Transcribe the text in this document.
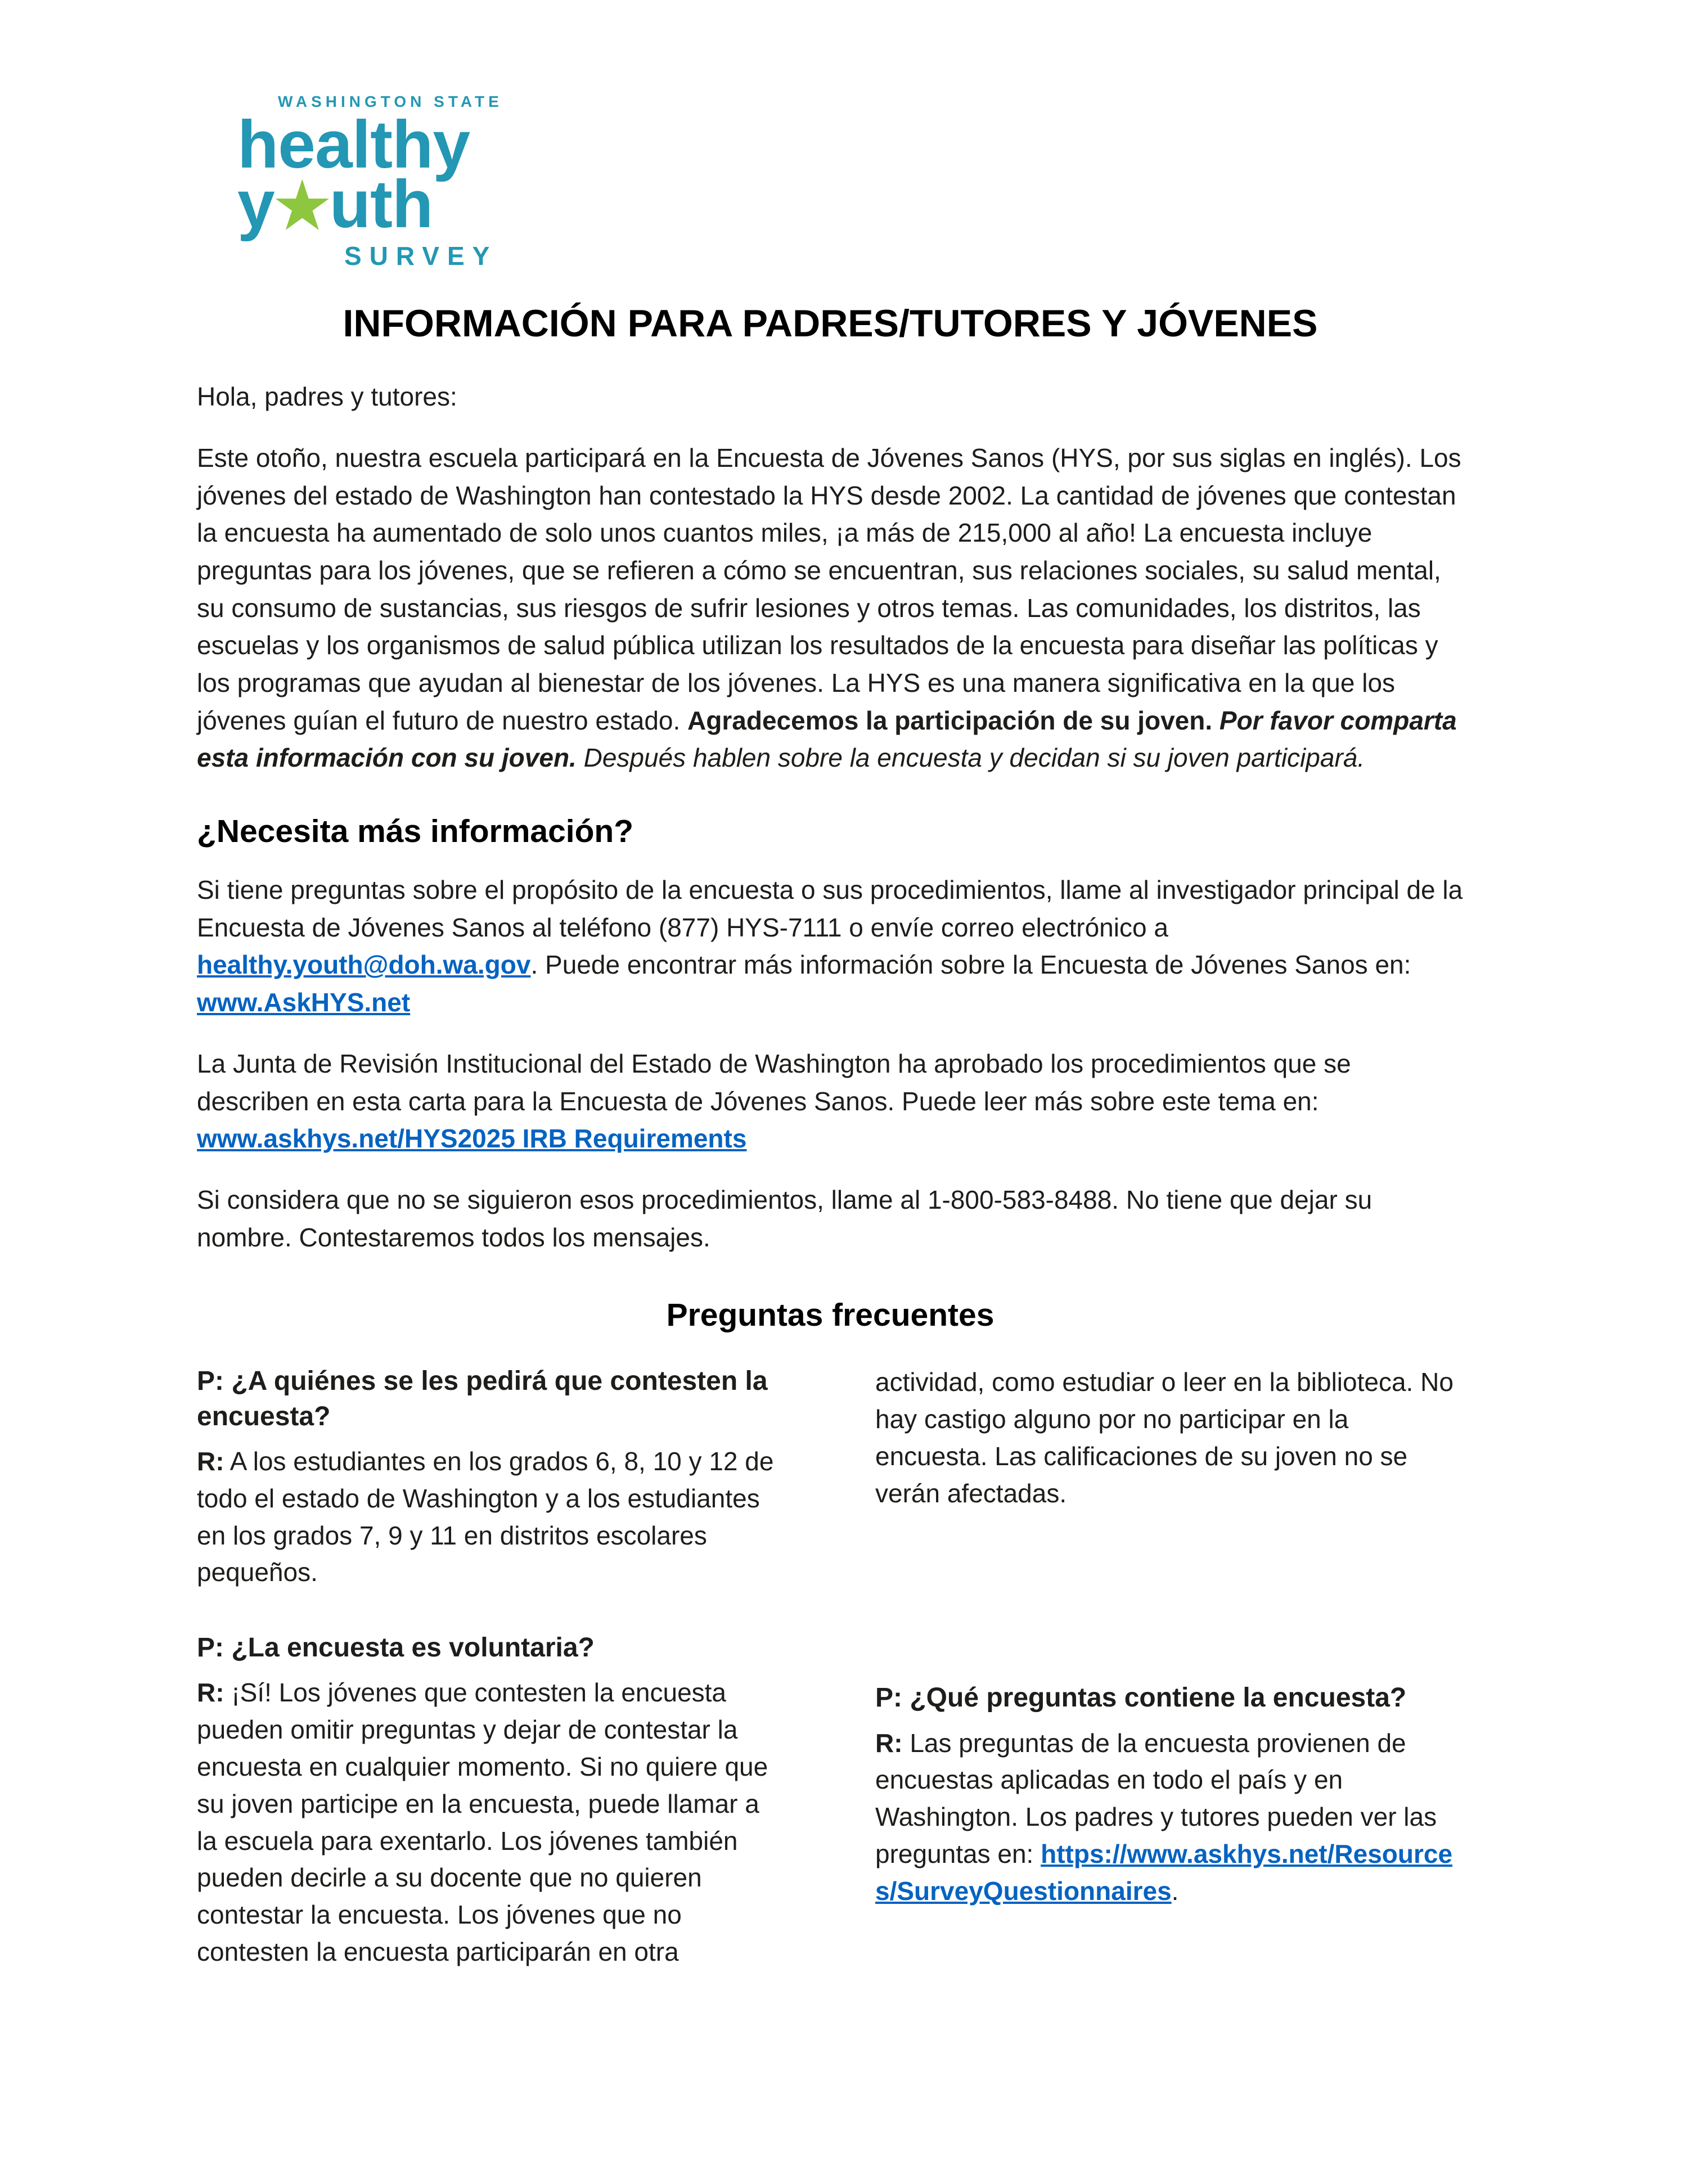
WASHINGTON STATE
healthy
y★uth
SURVEY
INFORMACIÓN PARA PADRES/TUTORES Y JÓVENES

Hola, padres y tutores:

Este otoño, nuestra escuela participará en la Encuesta de Jóvenes Sanos (HYS, por sus siglas en inglés). Los jóvenes del estado de Washington han contestado la HYS desde 2002. La cantidad de jóvenes que contestan la encuesta ha aumentado de solo unos cuantos miles, ¡a más de 215,000 al año! La encuesta incluye preguntas para los jóvenes, que se refieren a cómo se encuentran, sus relaciones sociales, su salud mental, su consumo de sustancias, sus riesgos de sufrir lesiones y otros temas. Las comunidades, los distritos, las escuelas y los organismos de salud pública utilizan los resultados de la encuesta para diseñar las políticas y los programas que ayudan al bienestar de los jóvenes. La HYS es una manera significativa en la que los jóvenes guían el futuro de nuestro estado. Agradecemos la participación de su joven. Por favor comparta esta información con su joven. Después hablen sobre la encuesta y decidan si su joven participará.

¿Necesita más información?

Si tiene preguntas sobre el propósito de la encuesta o sus procedimientos, llame al investigador principal de la Encuesta de Jóvenes Sanos al teléfono (877) HYS-7111 o envíe correo electrónico a healthy.youth@doh.wa.gov. Puede encontrar más información sobre la Encuesta de Jóvenes Sanos en: www.AskHYS.net

La Junta de Revisión Institucional del Estado de Washington ha aprobado los procedimientos que se describen en esta carta para la Encuesta de Jóvenes Sanos. Puede leer más sobre este tema en: www.askhys.net/HYS2025 IRB Requirements

Si considera que no se siguieron esos procedimientos, llame al 1-800-583-8488. No tiene que dejar su nombre. Contestaremos todos los mensajes.

Preguntas frecuentes
P: ¿A quiénes se les pedirá que contesten la encuesta?
R: A los estudiantes en los grados 6, 8, 10 y 12 de todo el estado de Washington y a los estudiantes en los grados 7, 9 y 11 en distritos escolares pequeños.
P: ¿La encuesta es voluntaria?
R: ¡Sí! Los jóvenes que contesten la encuesta pueden omitir preguntas y dejar de contestar la encuesta en cualquier momento. Si no quiere que su joven participe en la encuesta, puede llamar a la escuela para exentarlo. Los jóvenes también pueden decirle a su docente que no quieren contestar la encuesta. Los jóvenes que no contesten la encuesta participarán en otra
actividad, como estudiar o leer en la biblioteca. No hay castigo alguno por no participar en la encuesta. Las calificaciones de su joven no se verán afectadas.
P: ¿Qué preguntas contiene la encuesta?
R: Las preguntas de la encuesta provienen de encuestas aplicadas en todo el país y en Washington. Los padres y tutores pueden ver las preguntas en: https://www.askhys.net/Resources/SurveyQuestionnaires.
